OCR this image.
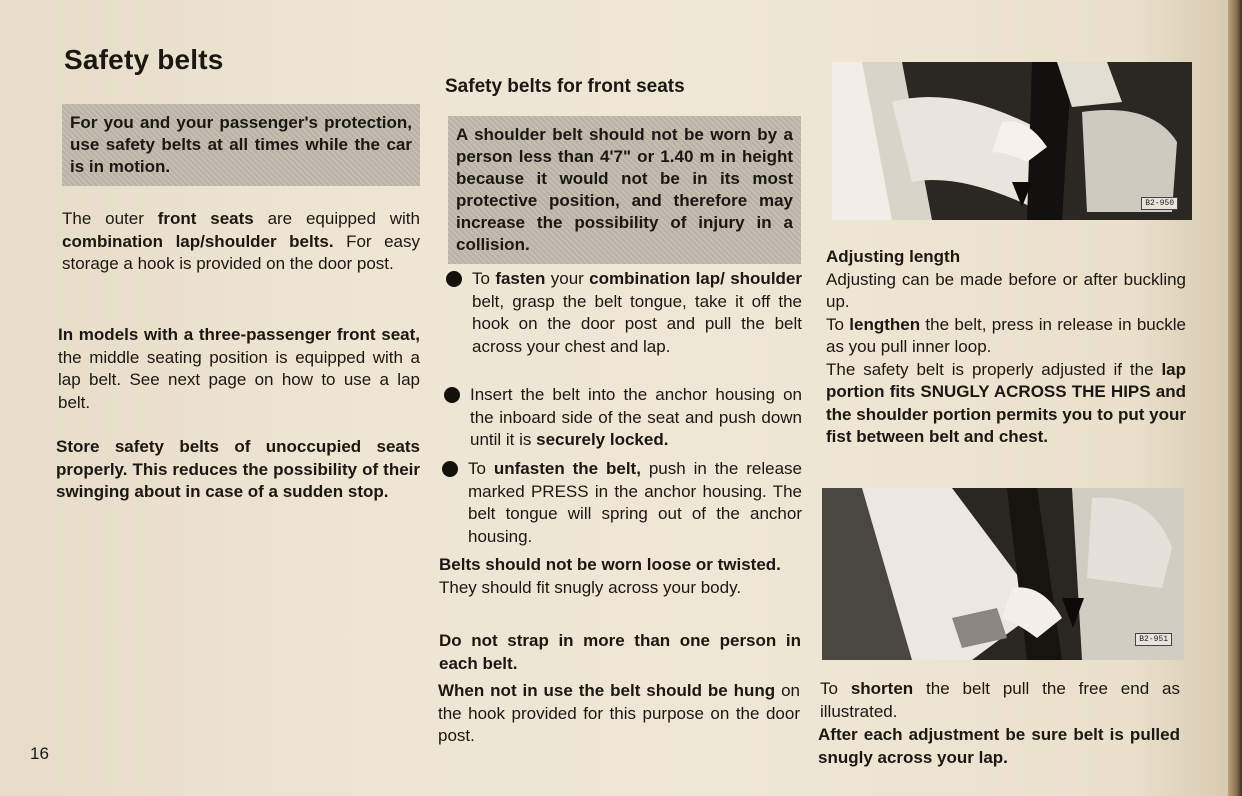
Safety belts
For you and your passenger's protection, use safety belts at all times while the car is in motion.
The outer front seats are equipped with combination lap/shoulder belts. For easy storage a hook is provided on the door post.
In models with a three-passenger front seat, the middle seating position is equipped with a lap belt. See next page on how to use a lap belt.
Store safety belts of unoccupied seats properly. This reduces the possibility of their swinging about in case of a sudden stop.
16
Safety belts for front seats
A shoulder belt should not be worn by a person less than 4'7" or 1.40 m in height because it would not be in its most protective position, and therefore may increase the possibility of injury in a collision.
To fasten your combination lap/ shoulder belt, grasp the belt tongue, take it off the hook on the door post and pull the belt across your chest and lap.
Insert the belt into the anchor housing on the inboard side of the seat and push down until it is securely locked.
To unfasten the belt, push in the release marked PRESS in the anchor housing. The belt tongue will spring out of the anchor housing.
Belts should not be worn loose or twisted.
They should fit snugly across your body.
Do not strap in more than one person in each belt.
When not in use the belt should be hung on the hook provided for this purpose on the door post.
B2-950
Adjusting length
Adjusting can be made before or after buckling up.
To lengthen the belt, press in release in buckle as you pull inner loop.
The safety belt is properly adjusted if the lap portion fits SNUGLY ACROSS THE HIPS and the shoulder portion permits you to put your fist between belt and chest.
B2-951
To shorten the belt pull the free end as illustrated.
After each adjustment be sure belt is pulled snugly across your lap.
